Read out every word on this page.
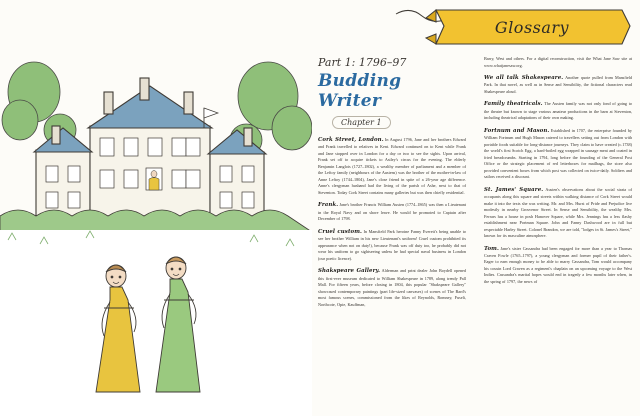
Glossary

Part 1: 1796–97

Budding Writer
Chapter 1

Cork Street, London. In August 1796, Jane and her brothers Edward and Frank travelled to relatives in Kent. Edward continued on to Kent while Frank and Jane stopped over in London for a day or two to see the sights. Upon arrival, Frank set off to acquire tickets to Astley's circus for the evening. The elderly Benjamin Langlois (1727–1802), a wealthy member of parliament and a member of the Leftoy family (neighbours of the Austens) was the brother of the mother-in-law of Anne Leftoy (1744–1804), Jane's close friend in spite of a 26-year age difference. Anne's clergyman husband had the living of the parish of Ashe, next to that of Steventon. Today Cork Street contains many galleries but was then chiefly residential.

Frank. Jane's brother Francis William Austen (1774–1865) was then a Lieutenant in the Royal Navy and on shore leave. He would be promoted to Captain after December of 1798.

Cruel custom. In Mansfield Park heroine Fanny Everett's being unable to see her brother William in his new Lieutenant's uniform! Cruel custom prohibited its appearance when not on duty!), because Frank was off duty too, he probably did not wear his uniform to go sightseeing unless he had special naval business in London (our poetic licence).

Shakspeare Gallery. Alderman and print dealer John Boydell opened this first-ever museum dedicated to William Shakespeare in 1789, along trendy Pall Mall. For fifteen years, before closing in 1804, this popular "Shakspeare Gallery" showcased contemporary paintings (part life-sized canvases) of scenes of The Bard's most famous scenes, commissioned from the likes of Reynolds, Romney, Fuseli, Northcote, Opie, Kauffman,

Barry, West and others. For a digital reconstruction, visit the What Jane Saw site at www.whatjanesaw.org.

We all talk Shakespeare. Another quote pulled from Mansfield Park. In that novel, as well as in Sense and Sensibility, the fictional characters read Shakespeare aloud.

Family theatricals. The Austen family was not only fond of going to the theatre but known to stage various amateur productions in the barn at Steventon, including theatrical adaptations of their own making.

Fortnum and Mason. Established in 1707, the enterprise founded by William Fortnum and Hugh Mason catered to travellers setting out from London with portable foods suitable for long-distance journeys. They claim to have created (c.1738) the world's first Scotch Egg, a hard-boiled egg wrapped in sausage meat and coated in fried breadcrumbs. Starting in 1794, long before the founding of the General Post Office or the strategic placement of red letterboxes for mailbags, the store also provided convenient boxes from which post was collected on twice-daily. Soldiers and sailors received a discount.

St. James' Square. Austen's observations about the social strata of occupants along this square and streets within walking distance of Cork Street would make it into the texts she was writing. Mr. and Mrs. Hurst of Pride and Prejudice live modestly in nearby Grosvenor Street. In Sense and Sensibility, the wealthy Mrs. Ferrars has a house in posh Hanover Square, while Mrs. Jennings has a less flashy establishment near Portman Square. John and Fanny Dashwood are in full but respectable Harley Street. Colonel Brandon, we are told, "lodges in St. James's Street," known for its masculine atmosphere.

Tom. Jane's sister Cassandra had been engaged for more than a year to Thomas Craven Fowle (1765–1797), a young clergyman and former pupil of their father's. Eager to earn enough money to be able to marry Cassandra, Tom would accompany his cousin Lord Craven as a regiment's chaplain on an upcoming voyage to the West Indies. Cassandra's marital hopes would end in tragedy a few months later when, in the spring of 1797, the news of
